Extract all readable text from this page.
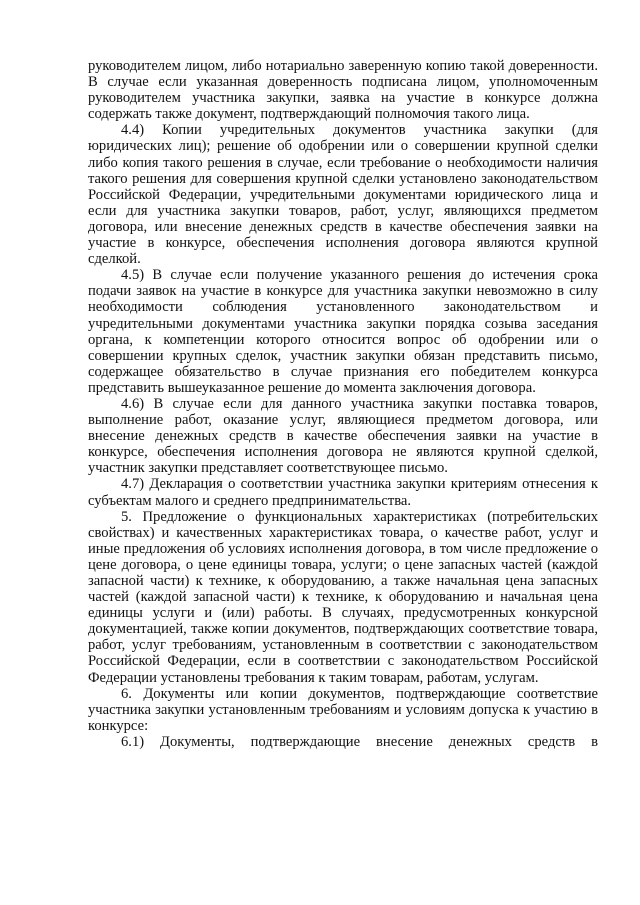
руководителем лицом, либо нотариально заверенную копию такой доверенности. В случае если указанная доверенность подписана лицом, уполномоченным руководителем участника закупки, заявка на участие в конкурсе должна содержать также документ, подтверждающий полномочия такого лица.

4.4) Копии учредительных документов участника закупки (для юридических лиц); решение об одобрении или о совершении крупной сделки либо копия такого решения в случае, если требование о необходимости наличия такого решения для совершения крупной сделки установлено законодательством Российской Федерации, учредительными документами юридического лица и если для участника закупки товаров, работ, услуг, являющихся предметом договора, или внесение денежных средств в качестве обеспечения заявки на участие в конкурсе, обеспечения исполнения договора являются крупной сделкой.

4.5) В случае если получение указанного решения до истечения срока подачи заявок на участие в конкурсе для участника закупки невозможно в силу необходимости соблюдения установленного законодательством и учредительными документами участника закупки порядка созыва заседания органа, к компетенции которого относится вопрос об одобрении или о совершении крупных сделок, участник закупки обязан представить письмо, содержащее обязательство в случае признания его победителем конкурса представить вышеуказанное решение до момента заключения договора.

4.6) В случае если для данного участника закупки поставка товаров, выполнение работ, оказание услуг, являющиеся предметом договора, или внесение денежных средств в качестве обеспечения заявки на участие в конкурсе, обеспечения исполнения договора не являются крупной сделкой, участник закупки представляет соответствующее письмо.

4.7) Декларация о соответствии участника закупки критериям отнесения к субъектам малого и среднего предпринимательства.

5. Предложение о функциональных характеристиках (потребительских свойствах) и качественных характеристиках товара, о качестве работ, услуг и иные предложения об условиях исполнения договора, в том числе предложение о цене договора, о цене единицы товара, услуги; о цене запасных частей (каждой запасной части) к технике, к оборудованию, а также начальная цена запасных частей (каждой запасной части) к технике, к оборудованию и начальная цена единицы услуги и (или) работы. В случаях, предусмотренных конкурсной документацией, также копии документов, подтверждающих соответствие товара, работ, услуг требованиям, установленным в соответствии с законодательством Российской Федерации, если в соответствии с законодательством Российской Федерации установлены требования к таким товарам, работам, услугам.

6. Документы или копии документов, подтверждающие соответствие участника закупки установленным требованиям и условиям допуска к участию в конкурсе:

6.1) Документы, подтверждающие внесение денежных средств в
